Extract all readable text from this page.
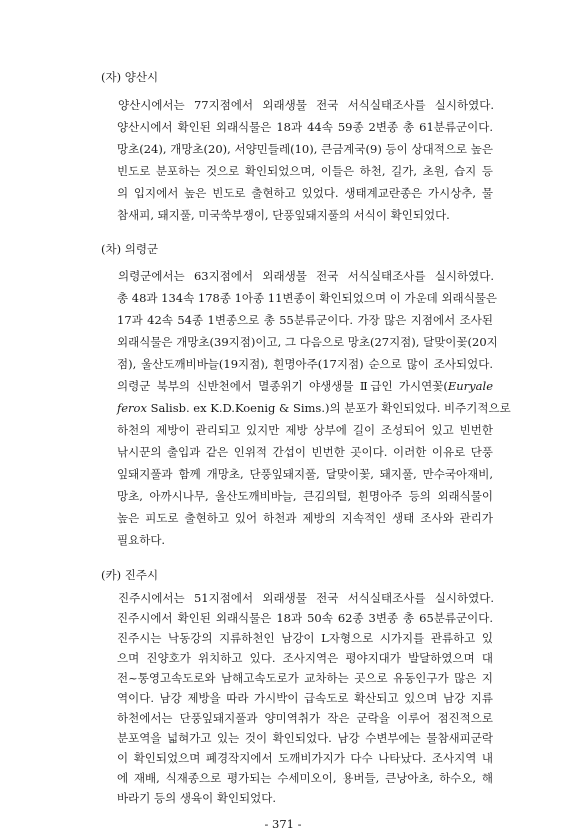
(자) 양산시
양산시에서는 77지점에서 외래생물 전국 서식실태조사를 실시하였다.
양산시에서 확인된 외래식물은 18과 44속 59종 2변종 총 61분류군이다.
망초(24), 개망초(20), 서양민들레(10), 큰금계국(9) 등이 상대적으로 높은
빈도로 분포하는 것으로 확인되었으며, 이들은 하천, 길가, 초원, 습지 등
의 입지에서 높은 빈도로 출현하고 있었다. 생태계교란종은 가시상추, 물
참새피, 돼지풀, 미국쑥부쟁이, 단풍잎돼지풀의 서식이 확인되었다.
(차) 의령군
의령군에서는 63지점에서 외래생물 전국 서식실태조사를 실시하였다.
총 48과 134속 178종 1아종 11변종이 확인되었으며 이 가운데 외래식물은
17과 42속 54종 1변종으로 총 55분류군이다. 가장 많은 지점에서 조사된
외래식물은 개망초(39지점)이고, 그 다음으로 망초(27지점), 달맞이꽃(20지
점), 울산도깨비바늘(19지점), 흰명아주(17지점) 순으로 많이 조사되었다.
의령군 북부의 신반천에서 멸종위기 야생생물 Ⅱ급인 가시연꽃(Euryale
ferox Salisb. ex K.D.Koenig & Sims.)의 분포가 확인되었다. 비주기적으로
하천의 제방이 관리되고 있지만 제방 상부에 길이 조성되어 있고 빈번한
낚시꾼의 출입과 같은 인위적 간섭이 빈번한 곳이다. 이러한 이유로 단풍
잎돼지풀과 함께 개망초, 단풍잎돼지풀, 달맞이꽃, 돼지풀, 만수국아재비,
망초, 아까시나무, 울산도깨비바늘, 큰김의털, 흰명아주 등의 외래식물이
높은 피도로 출현하고 있어 하천과 제방의 지속적인 생태 조사와 관리가
필요하다.
(카) 진주시
진주시에서는 51지점에서 외래생물 전국 서식실태조사를 실시하였다.
진주시에서 확인된 외래식물은 18과 50속 62종 3변종 총 65분류군이다.
진주시는 낙동강의 지류하천인 남강이 L자형으로 시가지를 관류하고 있
으며 진양호가 위치하고 있다. 조사지역은 평야지대가 발달하였으며 대
전~통영고속도로와 남해고속도로가 교차하는 곳으로 유동인구가 많은 지
역이다. 남강 제방을 따라 가시박이 급속도로 확산되고 있으며 남강 지류
하천에서는 단풍잎돼지풀과 양미역취가 작은 군락을 이루어 점진적으로
분포역을 넓혀가고 있는 것이 확인되었다. 남강 수변부에는 물참새피군락
이 확인되었으며 폐경작지에서 도깨비가지가 다수 나타났다. 조사지역 내
에 재배, 식재종으로 평가되는 수세미오이, 용버들, 큰낭아초, 하수오, 해
바라기 등의 생육이 확인되었다.
- 371 -
